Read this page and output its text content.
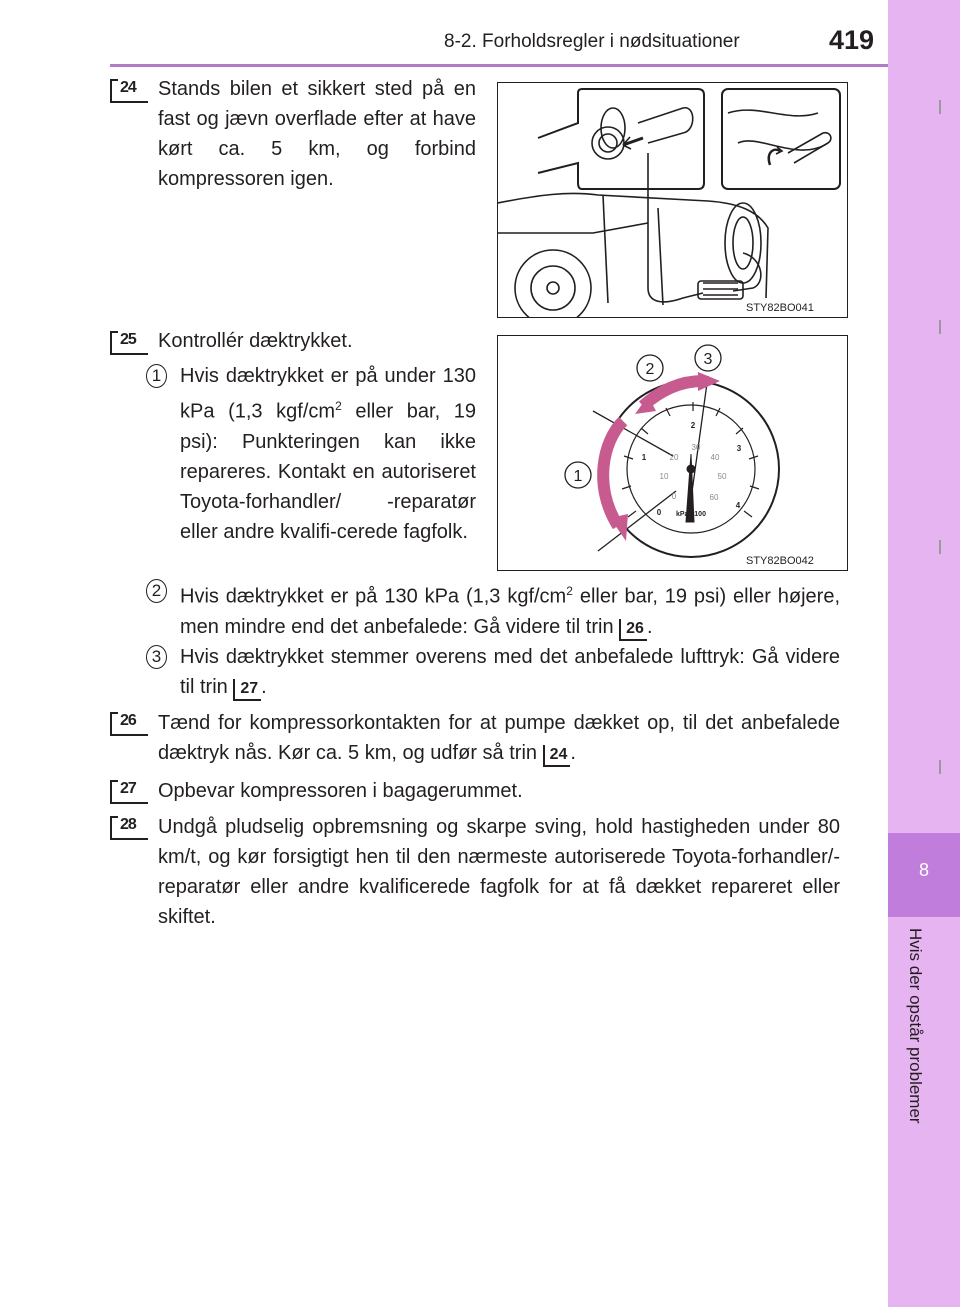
8-2. Forholdsregler i nødsituationer	419
8
Hvis der opstår problemer
24 Stands bilen et sikkert sted på en fast og jævn overflade efter at have kørt ca. 5 km, og forbind kompressoren igen.
STY82BO041
25 Kontrollér dæktrykket.
1 Hvis dæktrykket er på under 130 kPa (1,3 kgf/$cm^2$ eller bar, 19 psi): Punkteringen kan ikke repareres. Kontakt en autoriseret Toyota-forhandler/ -reparatør eller andre kvalifi-cerede fagfolk.
1
2
3
0
1
2
3
4
0
10
20
30
40
50
60
kPa x100
STY82BO042
2 Hvis dæktrykket er på 130 kPa (1,3 kgf/$cm^2$ eller bar, 19 psi) eller højere, men mindre end det anbefalede: Gå videre til trin 26 .
3 Hvis dæktrykket stemmer overens med det anbefalede lufttryk: Gå videre til trin 27 .
26 Tænd for kompressorkontakten for at pumpe dækket op, til det anbefalede dæktryk nås. Kør ca. 5 km, og udfør så trin 24 .
27 Opbevar kompressoren i bagagerummet.
28 Undgå pludselig opbremsning og skarpe sving, hold hastigheden under 80 km/t, og kør forsigtigt hen til den nærmeste autoriserede Toyota-forhandler/-reparatør eller andre kvalificerede fagfolk for at få dækket repareret eller skiftet.
